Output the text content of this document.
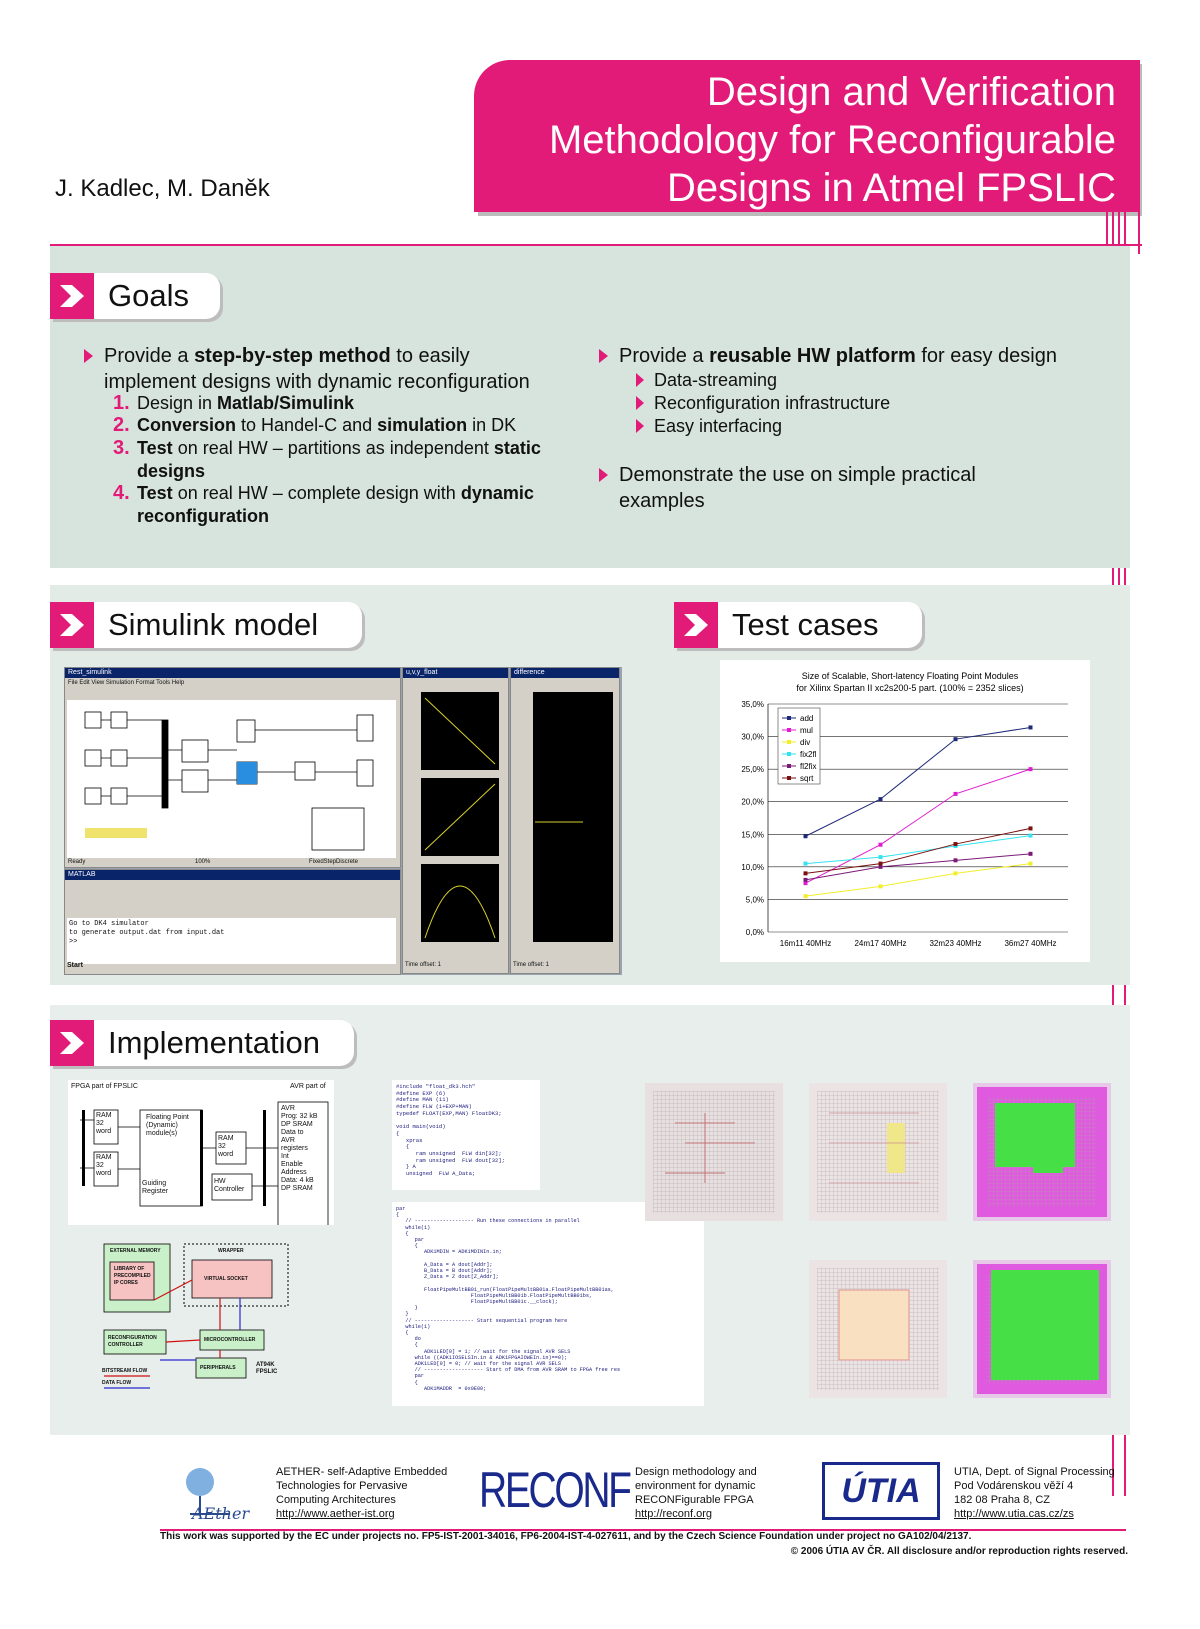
Design and Verification
Methodology for Reconfigurable
Designs in Atmel FPSLIC
J. Kadlec, M. Daněk
Goals
Provide a step-by-step method to easily
implement designs with dynamic reconfiguration
1. Design in Matlab/Simulink
2. Conversion to Handel-C and simulation in DK
3. Test on real HW – partitions as independent static
designs
4. Test on real HW – complete design with dynamic
reconfiguration
Provide a reusable HW platform for easy design
Data-streaming
Reconfiguration infrastructure
Easy interfacing
Demonstrate the use on simple practical
examples
Simulink model
Rest_simulink
File Edit View Simulation Format Tools Help
Ready	100%	FixedStepDiscrete
u,v,y_float
Time offset: 1
difference
Time offset: 1
MATLAB
Go to DK4 simulator
to generate output.dat from input.dat
>>
Start
Test cases
Size of Scalable, Short-latency Floating Point Modules
for Xilinx Spartan II xc2s200-5 part. (100% = 2352 slices)
0,0%
5,0%
10,0%
15,0%
20,0%
25,0%
30,0%
35,0%
16m11 40MHz	24m17 40MHz	32m23 40MHz	36m27 40MHz
add
mul
div
fix2fl
fl2fix
sqrt
Implementation
FPGA part of FPSLIC	AVR part of
RAM
32
word
RAM
32
word
Floating Point
(Dynamic)
module(s)
Guiding
Register
RAM
32
word
HW
Controller
AVR
Prog: 32 kB
DP SRAM
Data to
AVR
registers
Int
Enable
Address
Data: 4 kB
DP SRAM
EXTERNAL MEMORY
LIBRARY OF
PRECOMPILED
IP CORES
WRAPPER
VIRTUAL SOCKET
RECONFIGURATION
CONTROLLER
MICROCONTROLLER
PERIPHERALS	AT94K
FPSLIC
BITSTREAM FLOW
DATA FLOW
#include "float_dk3.hch"
#define EXP (6)
#define MAN (11)
#define FLW (1+EXP+MAN)
typedef FLOAT(EXP,MAN) FloatDK3;

void main(void)
{
xpras
{
ram unsigned  FLW din[32];
ram unsigned  FLW dout[32];
} A
unsigned  FLW A_Data;
par
{
// ------------------- Run these connections in parallel
while(1)
{
par
{
ADK1MDIN = ADK1MDINIn.in;

A_Data = A dout[Addr];
B_Data = B dout[Addr];
Z_Data = Z dout[Z_Addr];

FloatPipeMultBB01_run(FloatPipeMultBB01a.FloatPipeMultBB01as,
FloatPipeMultBB01b.FloatPipeMultBB01bs,
FloatPipeMultBB01c.__clock);
}
}
// ------------------- Start sequential program here
while(1)
{
do
{
ADK1LED[0] = 1; // wait for the signal AVR SELS
while ((ADK1IOSELSIn.in & ADK1FPGAIOWEIn.in)==0);
ADK1LED[0] = 0; // wait for the signal AVR SELS
// ------------------- Start of DMA from AVR SRAM to FPGA free res
par
{
ADK1MADDR  = 0x0E00;
AEther
AETHER- self-Adaptive Embedded
Technologies for Pervasive
Computing Architectures
http://www.aether-ist.org	RECONF Design methodology and
environment for dynamic
RECONFigurable FPGA
http://reconf.org
ÚTIA	UTIA, Dept. of Signal Processing
Pod Vodárenskou věží 4
182 08 Praha 8, CZ
http://www.utia.cas.cz/zs
This work was supported by the EC under projects no. FP5-IST-2001-34016, FP6-2004-IST-4-027611, and by the Czech Science Foundation under project no GA102/04/2137.
© 2006 ÚTIA AV ČR. All disclosure and/or reproduction rights reserved.
